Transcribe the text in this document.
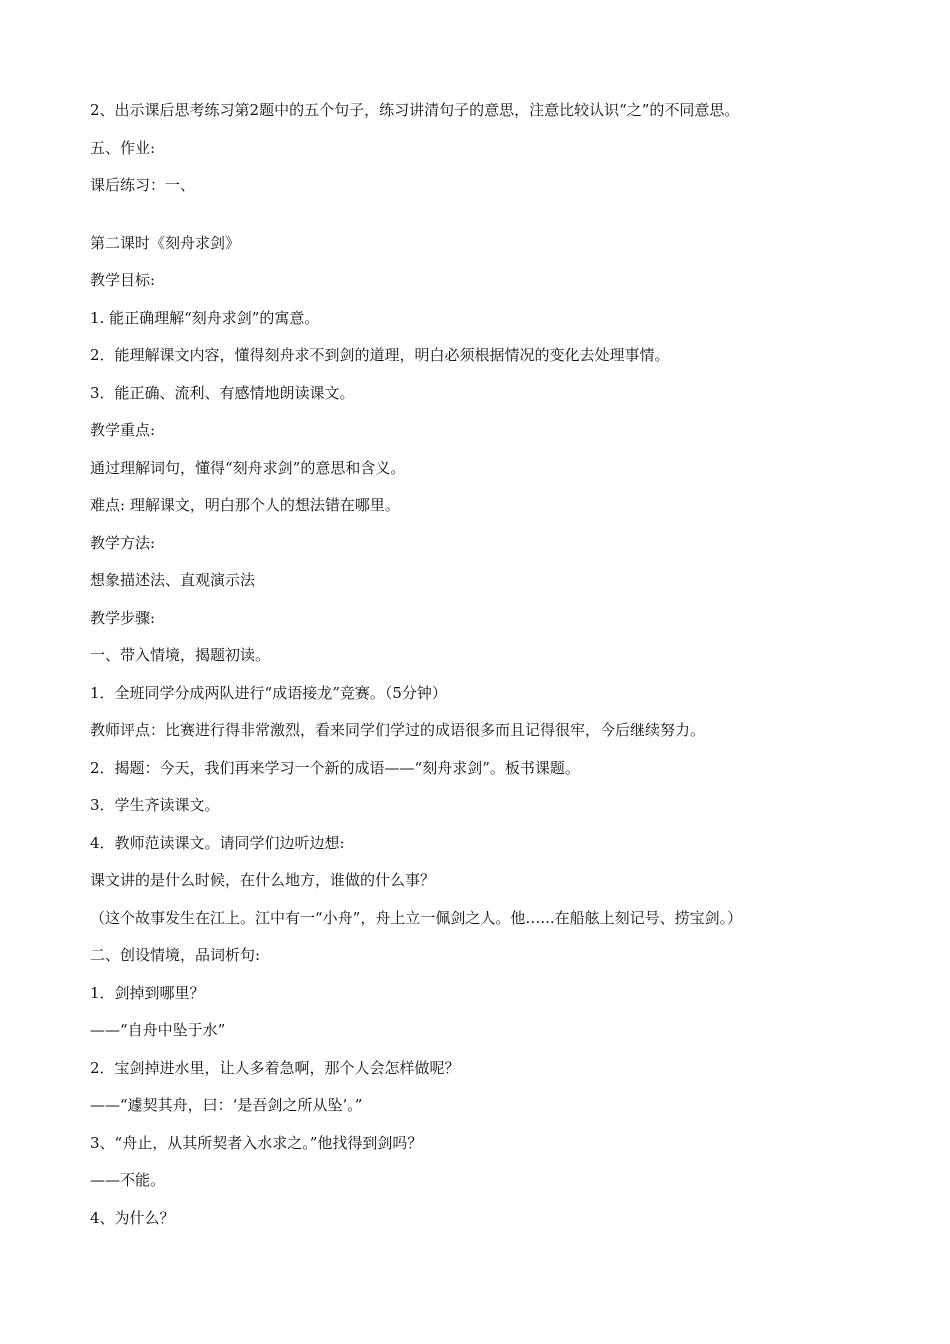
2、出示课后思考练习第2题中的五个句子，练习讲清句子的意思，注意比较认识“之”的不同意思。
五、作业:
课后练习：一、
第二课时《刻舟求剑》
教学目标:
1. 能正确理解“刻舟求剑”的寓意。
2．能理解课文内容，懂得刻舟求不到剑的道理，明白必须根据情况的变化去处理事情。
3．能正确、流利、有感情地朗读课文。
教学重点:
通过理解词句，懂得“刻舟求剑”的意思和含义。
难点: 理解课文，明白那个人的想法错在哪里。
教学方法:
想象描述法、直观演示法
教学步骤:
一、带入情境，揭题初读。
1．全班同学分成两队进行“成语接龙”竞赛。（5分钟）
教师评点：比赛进行得非常激烈，看来同学们学过的成语很多而且记得很牢，今后继续努力。
2．揭题：今天，我们再来学习一个新的成语——“刻舟求剑”。板书课题。
3．学生齐读课文。
4．教师范读课文。请同学们边听边想:
课文讲的是什么时候，在什么地方，谁做的什么事？
（这个故事发生在江上。江中有一“小舟”，舟上立一佩剑之人。他…...在船舷上刻记号、捞宝剑。）
二、创设情境，品词析句:
1．剑掉到哪里？
——“自舟中坠于水”
2．宝剑掉进水里，让人多着急啊，那个人会怎样做呢？
——“遽契其舟，曰：‘是吾剑之所从坠’。”
3、“舟止，从其所契者入水求之。”他找得到剑吗？
——不能。
4、为什么？
